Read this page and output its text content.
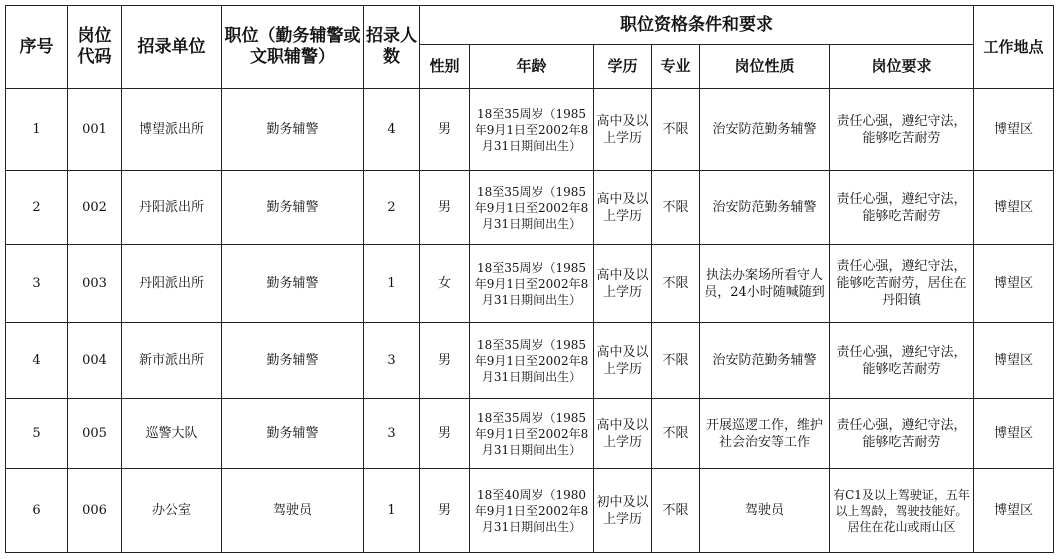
序号	岗位代码	招录单位	职位（勤务辅警或文职辅警）	招录人数	职位资格条件和要求						工作地点
					性别	年龄	学历	专业	岗位性质	岗位要求	
1	001	博望派出所	勤务辅警	4	男	18至35周岁（1985年9月1日至2002年8月31日期间出生）	高中及以上学历	不限	治安防范勤务辅警	责任心强，遵纪守法，能够吃苦耐劳	博望区
2	002	丹阳派出所	勤务辅警	2	男	18至35周岁（1985年9月1日至2002年8月31日期间出生）	高中及以上学历	不限	治安防范勤务辅警	责任心强，遵纪守法，能够吃苦耐劳	博望区
3	003	丹阳派出所	勤务辅警	1	女	18至35周岁（1985年9月1日至2002年8月31日期间出生）	高中及以上学历	不限	执法办案场所看守人员，24小时随喊随到	责任心强，遵纪守法，能够吃苦耐劳，居住在丹阳镇	博望区
4	004	新市派出所	勤务辅警	3	男	18至35周岁（1985年9月1日至2002年8月31日期间出生）	高中及以上学历	不限	治安防范勤务辅警	责任心强，遵纪守法，能够吃苦耐劳	博望区
5	005	巡警大队	勤务辅警	3	男	18至35周岁（1985年9月1日至2002年8月31日期间出生）	高中及以上学历	不限	开展巡逻工作，维护社会治安等工作	责任心强，遵纪守法，能够吃苦耐劳	博望区
6	006	办公室	驾驶员	1	男	18至40周岁（1980年9月1日至2002年8月31日期间出生）	初中及以上学历	不限	驾驶员	有C1及以上驾驶证，五年以上驾龄，驾驶技能好。居住在花山或雨山区	博望区
